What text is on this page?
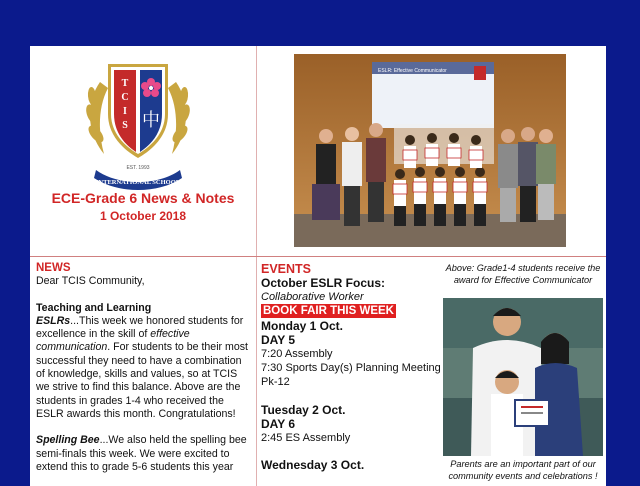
T
C
I
S 中
EST. 1993
INTERNATIONAL SCHOOL
ECE-Grade 6 News & Notes
1 October 2018
ESLR: Effective Communicator

NEWS

Dear TCIS Community,

Teaching and Learning

ESLRs...This week we honored students for excellence in the skill of effective communication. For students to be their most successful they need to have a combination of knowledge, skills and values, so at TCIS we strive to find this balance. Above are the students in grades 1-4 who received the ESLR awards this month. Congratulations!

Spelling Bee...We also held the spelling bee semi-finals this week. We were excited to extend this to grade 5-6 students this year

EVENTS

October ESLR Focus:

Collaborative Worker

BOOK FAIR THIS WEEK

Monday 1 Oct.

DAY 5

7:20 Assembly

7:30 Sports Day(s) Planning Meeting Pk-12

Tuesday 2 Oct.

DAY 6

2:45 ES Assembly

Wednesday 3 Oct.

Above: Grade1-4 students receive the award for Effective Communicator
Parents are an important part of our community events and celebrations !
